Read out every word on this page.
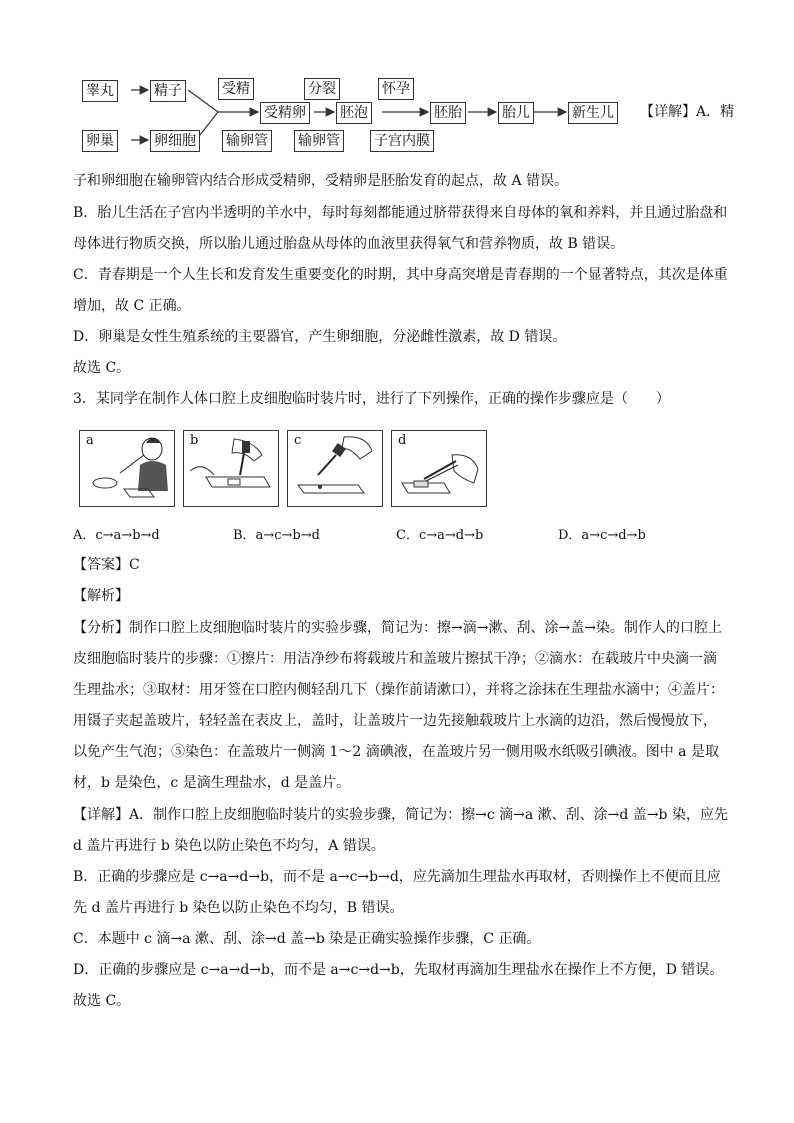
睾丸	精子
卵巢	卵细胞
受精
输卵管
受精卵
分裂
输卵管
胚泡
怀孕
子宫内膜
胚胎	胎儿	新生儿 【详解】A．精

子和卵细胞在输卵管内结合形成受精卵，受精卵是胚胎发育的起点，故 A 错误。

B．胎儿生活在子宫内半透明的羊水中，每时每刻都能通过脐带获得来自母体的氧和养料，并且通过胎盘和母体进行物质交换，所以胎儿通过胎盘从母体的血液里获得氧气和营养物质，故 B 错误。

C．青春期是一个人生长和发育发生重要变化的时期，其中身高突增是青春期的一个显著特点，其次是体重增加，故 C 正确。

D．卵巢是女性生殖系统的主要器官，产生卵细胞，分泌雌性激素，故 D 错误。

故选 C。

3．某同学在制作人体口腔上皮细胞临时装片时，进行了下列操作，正确的操作步骤应是（　　）

a	b	c	d
A．c→a→b→d	B．a→c→b→d	C．c→a→d→b	D．a→c→d→b

【答案】C

【解析】

【分析】制作口腔上皮细胞临时装片的实验步骤，简记为：擦→滴→漱、刮、涂→盖→染。制作人的口腔上皮细胞临时装片的步骤：①擦片：用洁净纱布将载玻片和盖玻片擦拭干净；②滴水：在载玻片中央滴一滴生理盐水；③取材：用牙签在口腔内侧轻刮几下（操作前请漱口），并将之涂抹在生理盐水滴中；④盖片：用镊子夹起盖玻片，轻轻盖在表皮上，盖时，让盖玻片一边先接触载玻片上水滴的边沿，然后慢慢放下，以免产生气泡；⑤染色：在盖玻片一侧滴 1～2 滴碘液，在盖玻片另一侧用吸水纸吸引碘液。图中 a 是取材，b 是染色，c 是滴生理盐水，d 是盖片。

【详解】A．制作口腔上皮细胞临时装片的实验步骤，简记为：擦→c 滴→a 漱、刮、涂→d 盖→b 染，应先 d 盖片再进行 b 染色以防止染色不均匀，A 错误。

B．正确的步骤应是 c→a→d→b，而不是 a→c→b→d，应先滴加生理盐水再取材，否则操作上不便而且应先 d 盖片再进行 b 染色以防止染色不均匀，B 错误。

C．本题中 c 滴→a 漱、刮、涂→d 盖→b 染是正确实验操作步骤，C 正确。

D．正确的步骤应是 c→a→d→b，而不是 a→c→d→b，先取材再滴加生理盐水在操作上不方便，D 错误。

故选 C。
